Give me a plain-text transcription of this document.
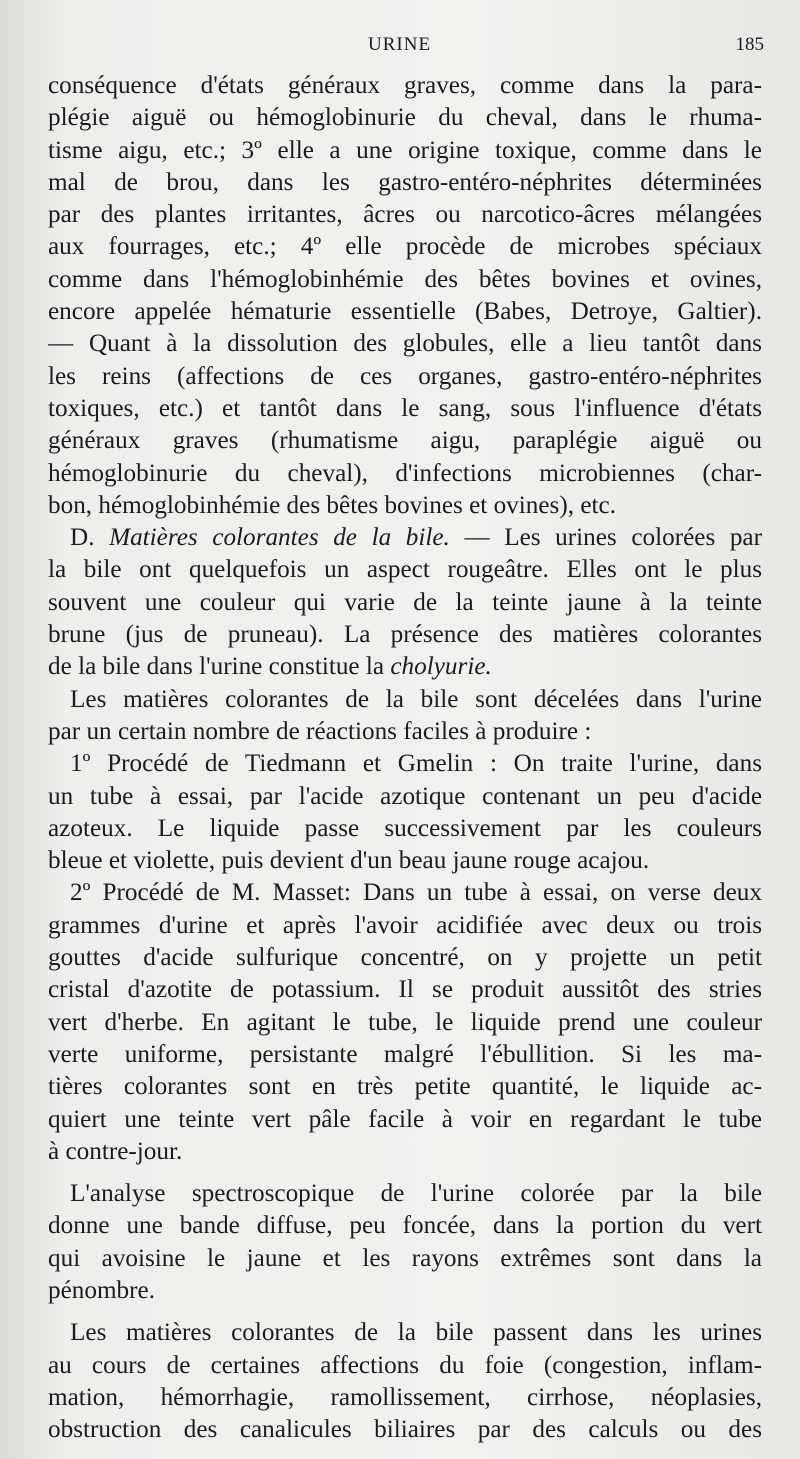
URINE	185
conséquence d'états généraux graves, comme dans la para-
plégie aiguë ou hémoglobinurie du cheval, dans le rhuma-
tisme aigu, etc.; 3º elle a une origine toxique, comme dans le
mal de brou, dans les gastro-entéro-néphrites déterminées
par des plantes irritantes, âcres ou narcotico-âcres mélangées
aux fourrages, etc.; 4º elle procède de microbes spéciaux
comme dans l'hémoglobinhémie des bêtes bovines et ovines,
encore appelée hématurie essentielle (Babes, Detroye, Galtier).
— Quant à la dissolution des globules, elle a lieu tantôt dans
les reins (affections de ces organes, gastro-entéro-néphrites
toxiques, etc.) et tantôt dans le sang, sous l'influence d'états
généraux graves (rhumatisme aigu, paraplégie aiguë ou
hémoglobinurie du cheval), d'infections microbiennes (char-
bon, hémoglobinhémie des bêtes bovines et ovines), etc.
D. Matières colorantes de la bile. — Les urines colorées par
la bile ont quelquefois un aspect rougeâtre. Elles ont le plus
souvent une couleur qui varie de la teinte jaune à la teinte
brune (jus de pruneau). La présence des matières colorantes
de la bile dans l'urine constitue la cholyurie.
Les matières colorantes de la bile sont décelées dans l'urine
par un certain nombre de réactions faciles à produire :
1º Procédé de Tiedmann et Gmelin : On traite l'urine, dans
un tube à essai, par l'acide azotique contenant un peu d'acide
azoteux. Le liquide passe successivement par les couleurs
bleue et violette, puis devient d'un beau jaune rouge acajou.
2º Procédé de M. Masset: Dans un tube à essai, on verse deux
grammes d'urine et après l'avoir acidifiée avec deux ou trois
gouttes d'acide sulfurique concentré, on y projette un petit
cristal d'azotite de potassium. Il se produit aussitôt des stries
vert d'herbe. En agitant le tube, le liquide prend une couleur
verte uniforme, persistante malgré l'ébullition. Si les ma-
tières colorantes sont en très petite quantité, le liquide ac-
quiert une teinte vert pâle facile à voir en regardant le tube
à contre-jour.
L'analyse spectroscopique de l'urine colorée par la bile
donne une bande diffuse, peu foncée, dans la portion du vert
qui avoisine le jaune et les rayons extrêmes sont dans la
pénombre.
Les matières colorantes de la bile passent dans les urines
au cours de certaines affections du foie (congestion, inflam-
mation, hémorrhagie, ramollissement, cirrhose, néoplasies,
obstruction des canalicules biliaires par des calculs ou des
